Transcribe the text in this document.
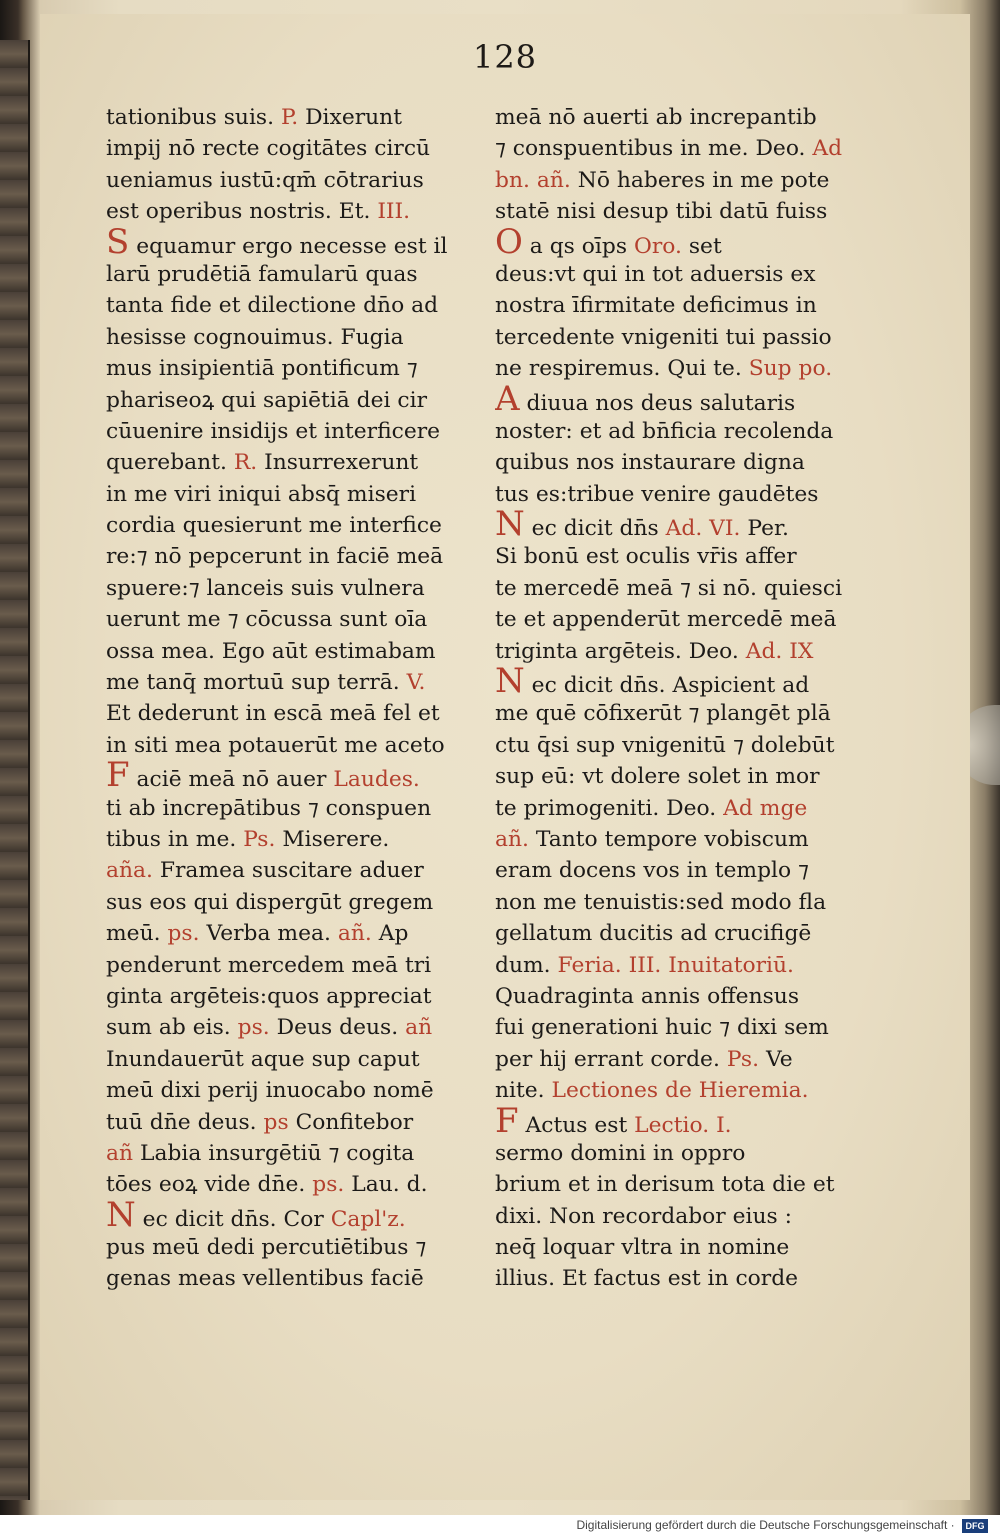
128
tationibus suis. P. Dixerunt
impij nō recte cogitātes circū
ueniamus iustū:qm̄ cōtrarius
est operibus nostris. Et. III.
S equamur ergo necesse est il
larū prudētiā famularū quas
tanta fide et dilectione dn̄o ad
hesisse cognouimus. Fugia
mus insipientiā pontificum ⁊
phariseoꝝ qui sapiētiā dei cir
cūuenire insidijs et interficere
querebant. R. Insurrexerunt
in me viri iniqui absq̄ miseri
cordia quesierunt me interfice
re:⁊ nō pepcerunt in faciē meā
spuere:⁊ lanceis suis vulnera
uerunt me ⁊ cōcussa sunt oīa
ossa mea. Ego aūt estimabam
me tanq̄ mortuū sup terrā. V.
Et dederunt in escā meā fel et
in siti mea potauerūt me aceto
F aciē meā nō auer Laudes.
ti ab increpātibus ⁊ conspuen
tibus in me. Ps. Miserere.
aña. Framea suscitare aduer
sus eos qui dispergūt gregem
meū. ps. Verba mea. añ. Ap
penderunt mercedem meā tri
ginta argēteis:quos appreciat
sum ab eis. ps. Deus deus. añ
Inundauerūt aque sup caput
meū dixi perij inuocabo nomē
tuū dn̄e deus. ps Confitebor
añ Labia insurgētiū ⁊ cogita
tōes eoꝝ vide dn̄e. ps. Lau. d.
N ec dicit dn̄s. Cor Capl'z.
pus meū dedi percutiētibus ⁊
genas meas vellentibus faciē
meā nō auerti ab increpantib
⁊ conspuentibus in me. Deo. Ad
bn. añ. Nō haberes in me pote
statē nisi desup tibi datū fuiss
O a qs oīps Oro. set
deus:vt qui in tot aduersis ex
nostra īfirmitate deficimus in
tercedente vnigeniti tui passio
ne respiremus. Qui te. Sup po.
A diuua nos deus salutaris
noster: et ad bn̄ficia recolenda
quibus nos instaurare digna
tus es:tribue venire gaudētes
N ec dicit dn̄s Ad. VI. Per.
Si bonū est oculis vr̄is affer
te mercedē meā ⁊ si nō. quiesci
te et appenderūt mercedē meā
triginta argēteis. Deo. Ad. IX
N ec dicit dn̄s. Aspicient ad
me quē cōfixerūt ⁊ plangēt plā
ctu q̄si sup vnigenitū ⁊ dolebūt
sup eū: vt dolere solet in mor
te primogeniti. Deo. Ad mge
añ. Tanto tempore vobiscum
eram docens vos in templo ⁊
non me tenuistis:sed modo fla
gellatum ducitis ad crucifigē
dum. Feria. III. Inuitatoriū.
Quadraginta annis offensus
fui generationi huic ⁊ dixi sem
per hij errant corde. Ps. Ve
nite. Lectiones de Hieremia.
F Actus est Lectio. I.
sermo domini in oppro
brium et in derisum tota die et
dixi. Non recordabor eius :
neq̄ loquar vltra in nomine
illius. Et factus est in corde
Digitalisierung gefördert durch die Deutsche Forschungsgemeinschaft · DFG
